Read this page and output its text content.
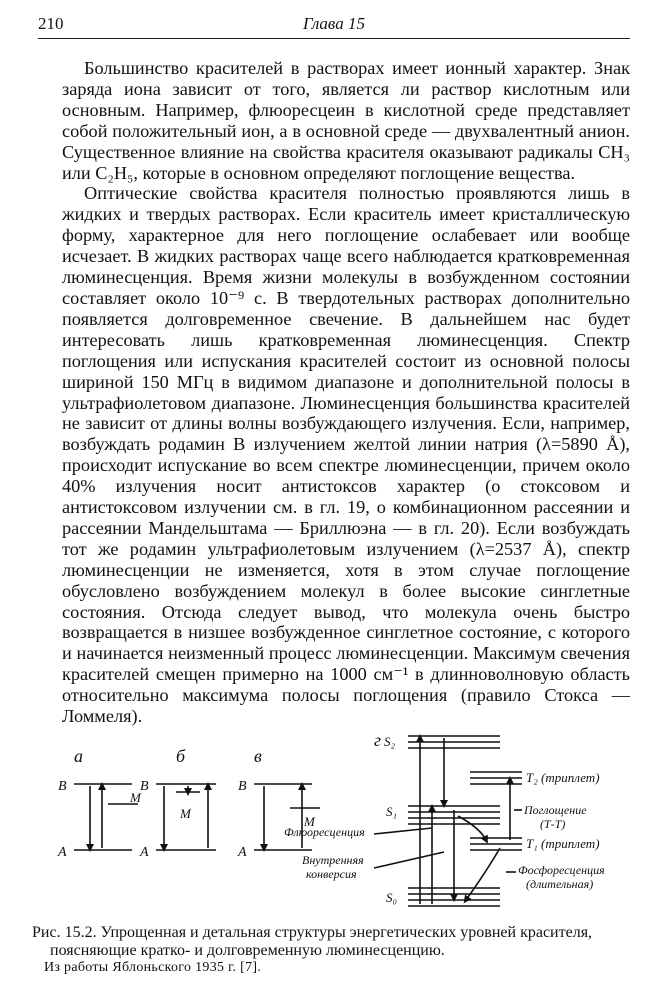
210	Глава 15

Большинство красителей в растворах имеет ионный характер. Знак заряда иона зависит от того, является ли раствор кислотным или основным. Например, флюоресцеин в кислотной среде представляет собой положительный ион, а в основной среде — двухвалентный анион. Существенное влияние на свойства красителя оказывают радикалы CH₃ или C₂H₅, которые в основном определяют поглощение вещества.

Оптические свойства красителя полностью проявляются лишь в жидких и твердых растворах. Если краситель имеет кристаллическую форму, характерное для него поглощение ослабевает или вообще исчезает. В жидких растворах чаще всего наблюдается кратковременная люминесценция. Время жизни молекулы в возбужденном состоянии составляет около 10⁻⁹ с. В твердотельных растворах дополнительно появляется долговременное свечение. В дальнейшем нас будет интересовать лишь кратковременная люминесценция. Спектр поглощения или испускания красителей состоит из основной полосы шириной 150 МГц в видимом диапазоне и дополнительной полосы в ультрафиолетовом диапазоне. Люминесценция большинства красителей не зависит от длины волны возбуждающего излучения. Если, например, возбуждать родамин В излучением желтой линии натрия (λ=5890 Å), происходит испускание во всем спектре люминесценции, причем около 40% излучения носит антистоксов характер (о стоксовом и антистоксовом излучении см. в гл. 19, о комбинационном рассеянии и рассеянии Мандельштама — Бриллюэна — в гл. 20). Если возбуждать тот же родамин ультрафиолетовым излучением (λ=2537 Å), спектр люминесценции не изменяется, хотя в этом случае поглощение обусловлено возбуждением молекул в более высокие синглетные состояния. Отсюда следует вывод, что молекула очень быстро возвращается в низшее возбужденное синглетное состояние, с которого и начинается неизменный процесс люминесценции. Максимум свечения красителей смещен примерно на 1000 см⁻¹ в длинноволновую область относительно максимума полосы поглощения (правило Стокса — Ломмеля).

а	б	в
г
В
А
М
В
А
М
В
А
М
S₂
S₁
S₀
T₂ (триплет)
T₁ (триплет)
Поглощение
(Т-Т)
Флюоресценция
Внутренняя
конверсия	Фосфоресценция
(длительная)
Рис. 15.2. Упрощенная и детальная структуры энергетических уровней красителя,
поясняющие кратко- и долговременную люминесценцию.
Из работы Яблоньского 1935 г. [7].
